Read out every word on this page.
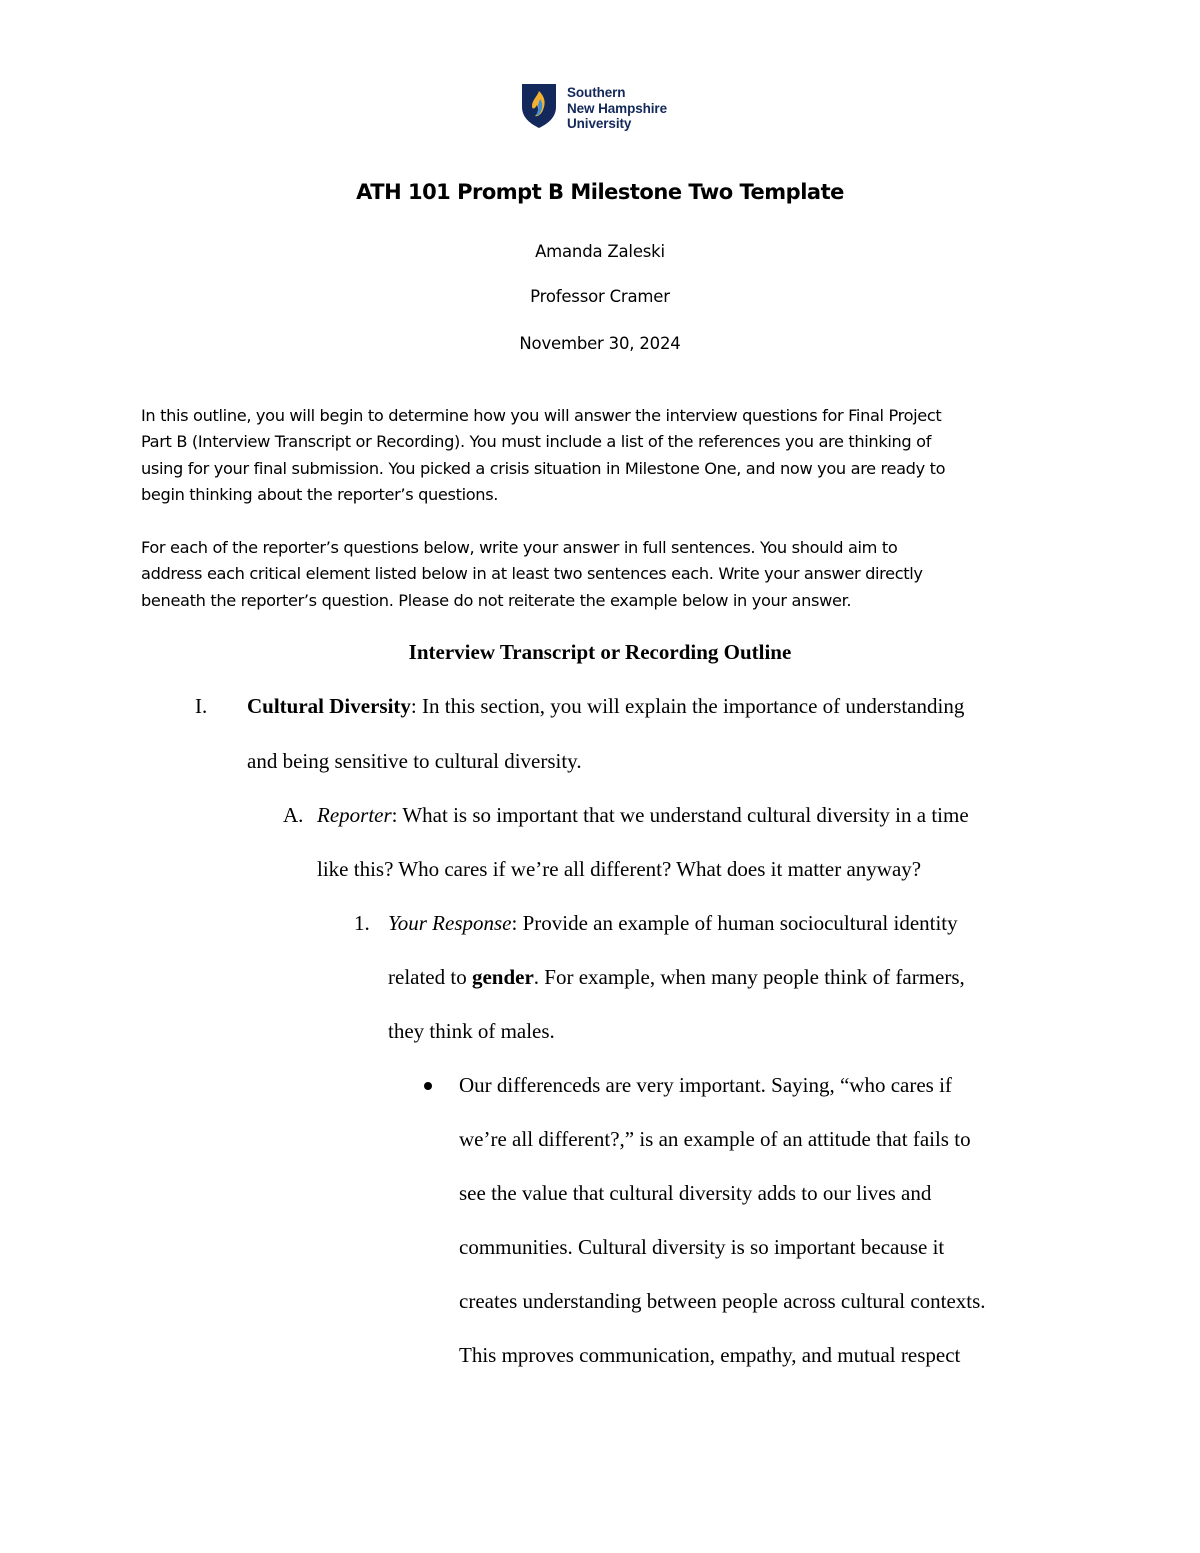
Southern
New Hampshire
University
ATH 101 Prompt B Milestone Two Template
Amanda Zaleski
Professor Cramer
November 30, 2024
In this outline, you will begin to determine how you will answer the interview questions for Final Project
Part B (Interview Transcript or Recording). You must include a list of the references you are thinking of
using for your final submission. You picked a crisis situation in Milestone One, and now you are ready to
begin thinking about the reporter’s questions.
For each of the reporter’s questions below, write your answer in full sentences. You should aim to
address each critical element listed below in at least two sentences each. Write your answer directly
beneath the reporter’s question. Please do not reiterate the example below in your answer.
Interview Transcript or Recording Outline
I. Cultural Diversity: In this section, you will explain the importance of understanding
and being sensitive to cultural diversity.
A. Reporter: What is so important that we understand cultural diversity in a time
like this? Who cares if we’re all different? What does it matter anyway?
1. Your Response: Provide an example of human sociocultural identity
related to gender. For example, when many people think of farmers,
they think of males.
Our differenceds are very important. Saying, “who cares if
we’re all different?,” is an example of an attitude that fails to
see the value that cultural diversity adds to our lives and
communities. Cultural diversity is so important because it
creates understanding between people across cultural contexts.
This mproves communication, empathy, and mutual respect
